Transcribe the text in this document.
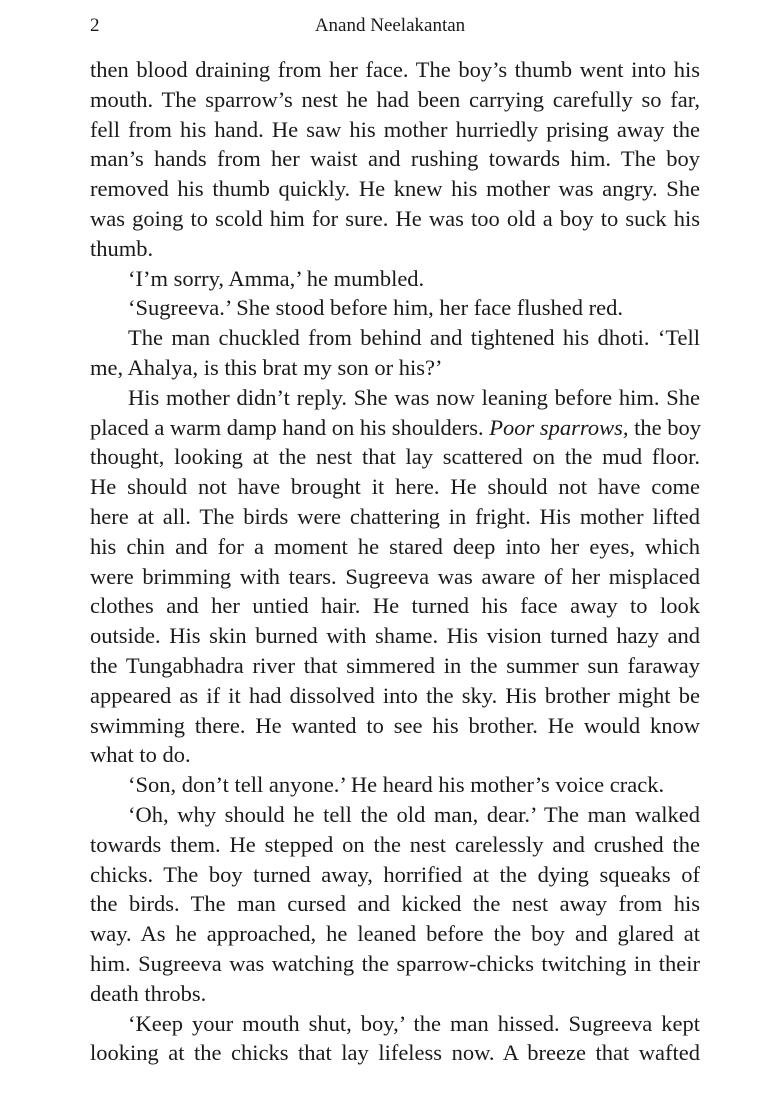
2	Anand Neelakantan
then blood draining from her face. The boy’s thumb went into his
mouth. The sparrow’s nest he had been carrying carefully so far,
fell from his hand. He saw his mother hurriedly prising away the
man’s hands from her waist and rushing towards him. The boy
removed his thumb quickly. He knew his mother was angry. She
was going to scold him for sure. He was too old a boy to suck his
thumb.
‘I’m sorry, Amma,’ he mumbled.
‘Sugreeva.’ She stood before him, her face flushed red.
The man chuckled from behind and tightened his dhoti. ‘Tell
me, Ahalya, is this brat my son or his?’
His mother didn’t reply. She was now leaning before him. She
placed a warm damp hand on his shoulders. Poor sparrows, the boy
thought, looking at the nest that lay scattered on the mud floor.
He should not have brought it here. He should not have come
here at all. The birds were chattering in fright. His mother lifted
his chin and for a moment he stared deep into her eyes, which
were brimming with tears. Sugreeva was aware of her misplaced
clothes and her untied hair. He turned his face away to look
outside. His skin burned with shame. His vision turned hazy and
the Tungabhadra river that simmered in the summer sun faraway
appeared as if it had dissolved into the sky. His brother might be
swimming there. He wanted to see his brother. He would know
what to do.
‘Son, don’t tell anyone.’ He heard his mother’s voice crack.
‘Oh, why should he tell the old man, dear.’ The man walked
towards them. He stepped on the nest carelessly and crushed the
chicks. The boy turned away, horrified at the dying squeaks of
the birds. The man cursed and kicked the nest away from his
way. As he approached, he leaned before the boy and glared at
him. Sugreeva was watching the sparrow-chicks twitching in their
death throbs.
‘Keep your mouth shut, boy,’ the man hissed. Sugreeva kept
looking at the chicks that lay lifeless now. A breeze that wafted
